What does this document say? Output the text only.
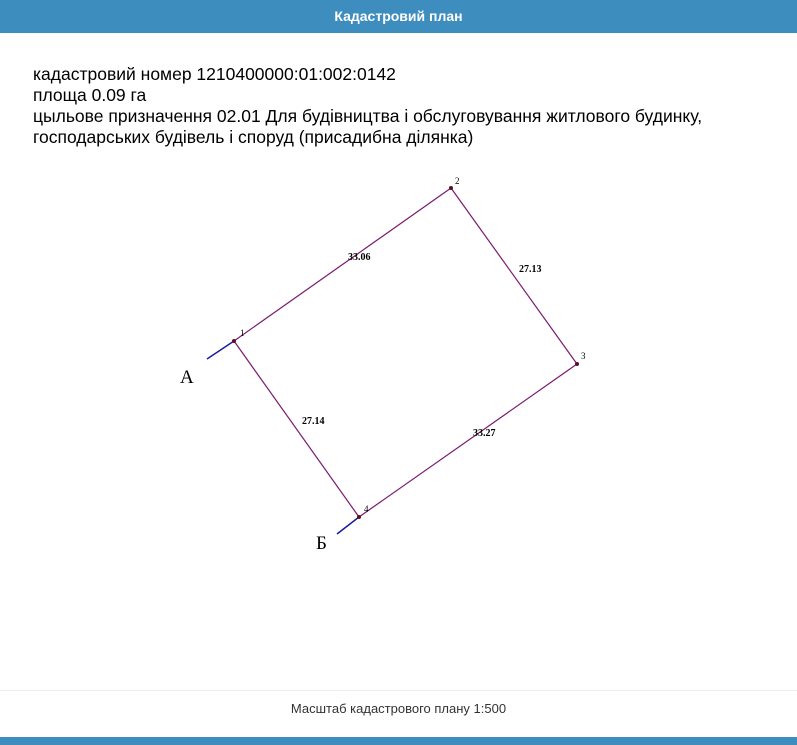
Кадастровий план
кадастровий номер 1210400000:01:002:0142
площа 0.09 га
цыльове призначення 02.01 Для будівництва і обслуговування житлового будинку, господарських будівель і споруд (присадибна ділянка)
1
2
3
4
33.06
27.13
33.27
27.14
А
Б
Масштаб кадастрового плану 1:500
